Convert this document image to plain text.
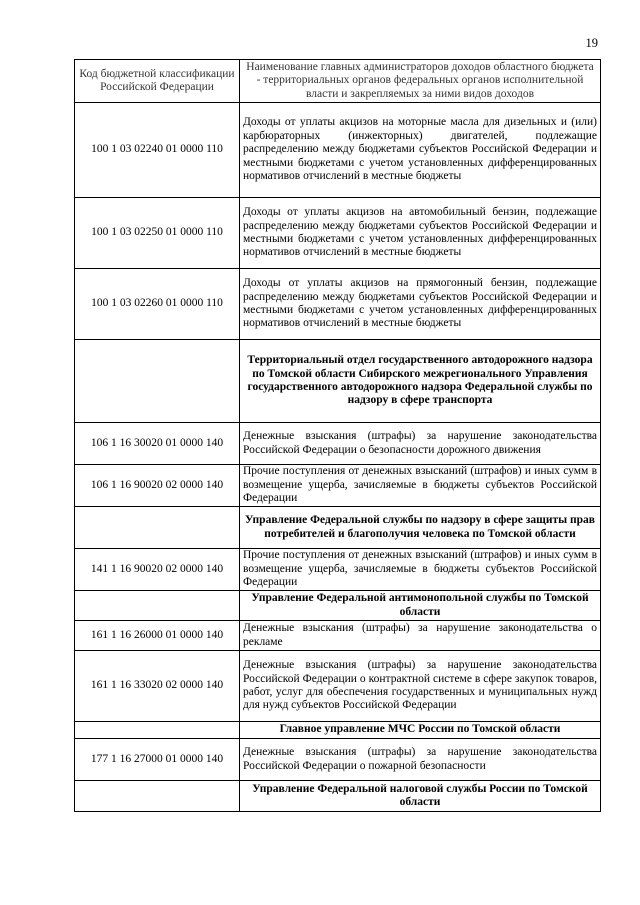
19
Код бюджетной классификации Российской Федерации	Наименование главных администраторов доходов областного бюджета - территориальных органов федеральных органов исполнительной власти и закрепляемых за ними видов доходов
100 1 03 02240 01 0000 110	Доходы от уплаты акцизов на моторные масла для дизельных и (или) карбюраторных (инжекторных) двигателей, подлежащие распределению между бюджетами субъектов Российской Федерации и местными бюджетами с учетом установленных дифференцированных нормативов отчислений в местные бюджеты
100 1 03 02250 01 0000 110	Доходы от уплаты акцизов на автомобильный бензин, подлежащие распределению между бюджетами субъектов Российской Федерации и местными бюджетами с учетом установленных дифференцированных нормативов отчислений в местные бюджеты
100 1 03 02260 01 0000 110	Доходы от уплаты акцизов на прямогонный бензин, подлежащие распределению между бюджетами субъектов Российской Федерации и местными бюджетами с учетом установленных дифференцированных нормативов отчислений в местные бюджеты
	Территориальный отдел государственного автодорожного надзора по Томской области Сибирского межрегионального Управления государственного автодорожного надзора Федеральной службы по надзору в сфере транспорта
106 1 16 30020 01 0000 140	Денежные взыскания (штрафы) за нарушение законодательства Российской Федерации о безопасности дорожного движения
106 1 16 90020 02 0000 140	Прочие поступления от денежных взысканий (штрафов) и иных сумм в возмещение ущерба, зачисляемые в бюджеты субъектов Российской Федерации
	Управление Федеральной службы по надзору в сфере защиты прав потребителей и благополучия человека по Томской области
141 1 16 90020 02 0000 140	Прочие поступления от денежных взысканий (штрафов) и иных сумм в возмещение ущерба, зачисляемые в бюджеты субъектов Российской Федерации
	Управление Федеральной антимонопольной службы по Томской области
161 1 16 26000 01 0000 140	Денежные взыскания (штрафы) за нарушение законодательства о рекламе
161 1 16 33020 02 0000 140	Денежные взыскания (штрафы) за нарушение законодательства Российской Федерации о контрактной системе в сфере закупок товаров, работ, услуг для обеспечения государственных и муниципальных нужд для нужд субъектов Российской Федерации
	Главное управление МЧС России по Томской области
177 1 16 27000 01 0000 140	Денежные взыскания (штрафы) за нарушение законодательства Российской Федерации о пожарной безопасности
	Управление Федеральной налоговой службы России по Томской области
